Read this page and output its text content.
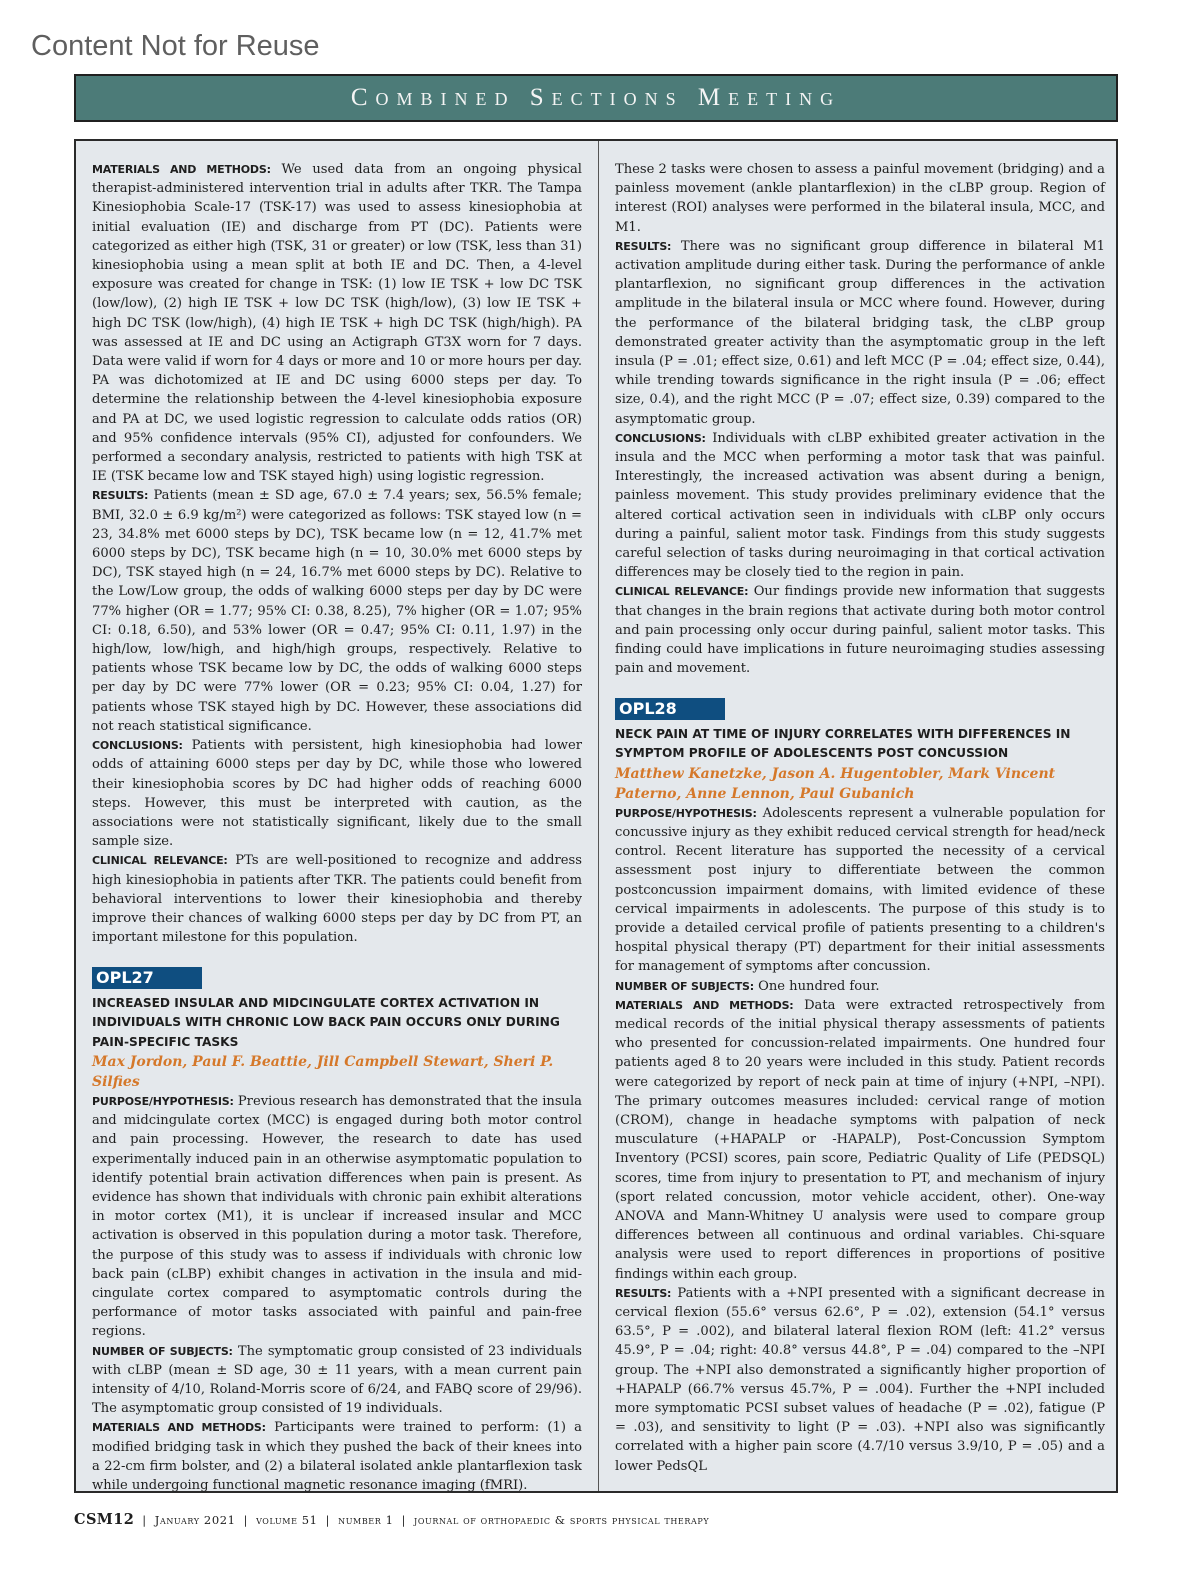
Content Not for Reuse
Combined Sections Meeting

MATERIALS AND METHODS: We used data from an ongoing physical therapist-administered intervention trial in adults after TKR. The Tampa Kinesiophobia Scale-17 (TSK-17) was used to assess kinesiophobia at initial evaluation (IE) and discharge from PT (DC). Patients were categorized as either high (TSK, 31 or greater) or low (TSK, less than 31) kinesiophobia using a mean split at both IE and DC. Then, a 4-level exposure was created for change in TSK: (1) low IE TSK + low DC TSK (low/low), (2) high IE TSK + low DC TSK (high/low), (3) low IE TSK + high DC TSK (low/high), (4) high IE TSK + high DC TSK (high/high). PA was assessed at IE and DC using an Actigraph GT3X worn for 7 days. Data were valid if worn for 4 days or more and 10 or more hours per day. PA was dichotomized at IE and DC using 6000 steps per day. To determine the relationship between the 4-level kinesiophobia exposure and PA at DC, we used logistic regression to calculate odds ratios (OR) and 95% confidence intervals (95% CI), adjusted for confounders. We performed a secondary analysis, restricted to patients with high TSK at IE (TSK became low and TSK stayed high) using logistic regression.

RESULTS: Patients (mean ± SD age, 67.0 ± 7.4 years; sex, 56.5% female; BMI, 32.0 ± 6.9 kg/m²) were categorized as follows: TSK stayed low (n = 23, 34.8% met 6000 steps by DC), TSK became low (n = 12, 41.7% met 6000 steps by DC), TSK became high (n = 10, 30.0% met 6000 steps by DC), TSK stayed high (n = 24, 16.7% met 6000 steps by DC). Relative to the Low/Low group, the odds of walking 6000 steps per day by DC were 77% higher (OR = 1.77; 95% CI: 0.38, 8.25), 7% higher (OR = 1.07; 95% CI: 0.18, 6.50), and 53% lower (OR = 0.47; 95% CI: 0.11, 1.97) in the high/low, low/high, and high/high groups, respectively. Relative to patients whose TSK became low by DC, the odds of walking 6000 steps per day by DC were 77% lower (OR = 0.23; 95% CI: 0.04, 1.27) for patients whose TSK stayed high by DC. However, these associations did not reach statistical significance.

CONCLUSIONS: Patients with persistent, high kinesiophobia had lower odds of attaining 6000 steps per day by DC, while those who lowered their kinesiophobia scores by DC had higher odds of reaching 6000 steps. However, this must be interpreted with caution, as the associations were not statistically significant, likely due to the small sample size.

CLINICAL RELEVANCE: PTs are well-positioned to recognize and address high kinesiophobia in patients after TKR. The patients could benefit from behavioral interventions to lower their kinesiophobia and thereby improve their chances of walking 6000 steps per day by DC from PT, an important milestone for this population.

OPL27
INCREASED INSULAR AND MIDCINGULATE CORTEX ACTIVATION IN INDIVIDUALS WITH CHRONIC LOW BACK PAIN OCCURS ONLY DURING PAIN-SPECIFIC TASKS
Max Jordon, Paul F. Beattie, Jill Campbell Stewart, Sheri P. Silfies

PURPOSE/HYPOTHESIS: Previous research has demonstrated that the insula and midcingulate cortex (MCC) is engaged during both motor control and pain processing. However, the research to date has used experimentally induced pain in an otherwise asymptomatic population to identify potential brain activation differences when pain is present. As evidence has shown that individuals with chronic pain exhibit alterations in motor cortex (M1), it is unclear if increased insular and MCC activation is observed in this population during a motor task. Therefore, the purpose of this study was to assess if individuals with chronic low back pain (cLBP) exhibit changes in activation in the insula and mid-cingulate cortex compared to asymptomatic controls during the performance of motor tasks associated with painful and pain-free regions.

NUMBER OF SUBJECTS: The symptomatic group consisted of 23 individuals with cLBP (mean ± SD age, 30 ± 11 years, with a mean current pain intensity of 4/10, Roland-Morris score of 6/24, and FABQ score of 29/96). The asymptomatic group consisted of 19 individuals.

MATERIALS AND METHODS: Participants were trained to perform: (1) a modified bridging task in which they pushed the back of their knees into a 22-cm firm bolster, and (2) a bilateral isolated ankle plantarflexion task while undergoing functional magnetic resonance imaging (fMRI).

These 2 tasks were chosen to assess a painful movement (bridging) and a painless movement (ankle plantarflexion) in the cLBP group. Region of interest (ROI) analyses were performed in the bilateral insula, MCC, and M1.

RESULTS: There was no significant group difference in bilateral M1 activation amplitude during either task. During the performance of ankle plantarflexion, no significant group differences in the activation amplitude in the bilateral insula or MCC where found. However, during the performance of the bilateral bridging task, the cLBP group demonstrated greater activity than the asymptomatic group in the left insula (P = .01; effect size, 0.61) and left MCC (P = .04; effect size, 0.44), while trending towards significance in the right insula (P = .06; effect size, 0.4), and the right MCC (P = .07; effect size, 0.39) compared to the asymptomatic group.

CONCLUSIONS: Individuals with cLBP exhibited greater activation in the insula and the MCC when performing a motor task that was painful. Interestingly, the increased activation was absent during a benign, painless movement. This study provides preliminary evidence that the altered cortical activation seen in individuals with cLBP only occurs during a painful, salient motor task. Findings from this study suggests careful selection of tasks during neuroimaging in that cortical activation differences may be closely tied to the region in pain.

CLINICAL RELEVANCE: Our findings provide new information that suggests that changes in the brain regions that activate during both motor control and pain processing only occur during painful, salient motor tasks. This finding could have implications in future neuroimaging studies assessing pain and movement.

OPL28
NECK PAIN AT TIME OF INJURY CORRELATES WITH DIFFERENCES IN SYMPTOM PROFILE OF ADOLESCENTS POST CONCUSSION
Matthew Kanetzke, Jason A. Hugentobler, Mark Vincent Paterno, Anne Lennon, Paul Gubanich

PURPOSE/HYPOTHESIS: Adolescents represent a vulnerable population for concussive injury as they exhibit reduced cervical strength for head/neck control. Recent literature has supported the necessity of a cervical assessment post injury to differentiate between the common postconcussion impairment domains, with limited evidence of these cervical impairments in adolescents. The purpose of this study is to provide a detailed cervical profile of patients presenting to a children's hospital physical therapy (PT) department for their initial assessments for management of symptoms after concussion.

NUMBER OF SUBJECTS: One hundred four.

MATERIALS AND METHODS: Data were extracted retrospectively from medical records of the initial physical therapy assessments of patients who presented for concussion-related impairments. One hundred four patients aged 8 to 20 years were included in this study. Patient records were categorized by report of neck pain at time of injury (+NPI, –NPI). The primary outcomes measures included: cervical range of motion (CROM), change in headache symptoms with palpation of neck musculature (+HAPALP or -HAPALP), Post-Concussion Symptom Inventory (PCSI) scores, pain score, Pediatric Quality of Life (PEDSQL) scores, time from injury to presentation to PT, and mechanism of injury (sport related concussion, motor vehicle accident, other). One-way ANOVA and Mann-Whitney U analysis were used to compare group differences between all continuous and ordinal variables. Chi-square analysis were used to report differences in proportions of positive findings within each group.

RESULTS: Patients with a +NPI presented with a significant decrease in cervical flexion (55.6° versus 62.6°, P = .02), extension (54.1° versus 63.5°, P = .002), and bilateral lateral flexion ROM (left: 41.2° versus 45.9°, P = .04; right: 40.8° versus 44.8°, P = .04) compared to the –NPI group. The +NPI also demonstrated a significantly higher proportion of +HAPALP (66.7% versus 45.7%, P = .004). Further the +NPI included more symptomatic PCSI subset values of headache (P = .02), fatigue (P = .03), and sensitivity to light (P = .03). +NPI also was significantly correlated with a higher pain score (4.7/10 versus 3.9/10, P = .05) and a lower PedsQL

CSM12 | January 2021 | volume 51 | number 1 | journal of orthopaedic & sports physical therapy
